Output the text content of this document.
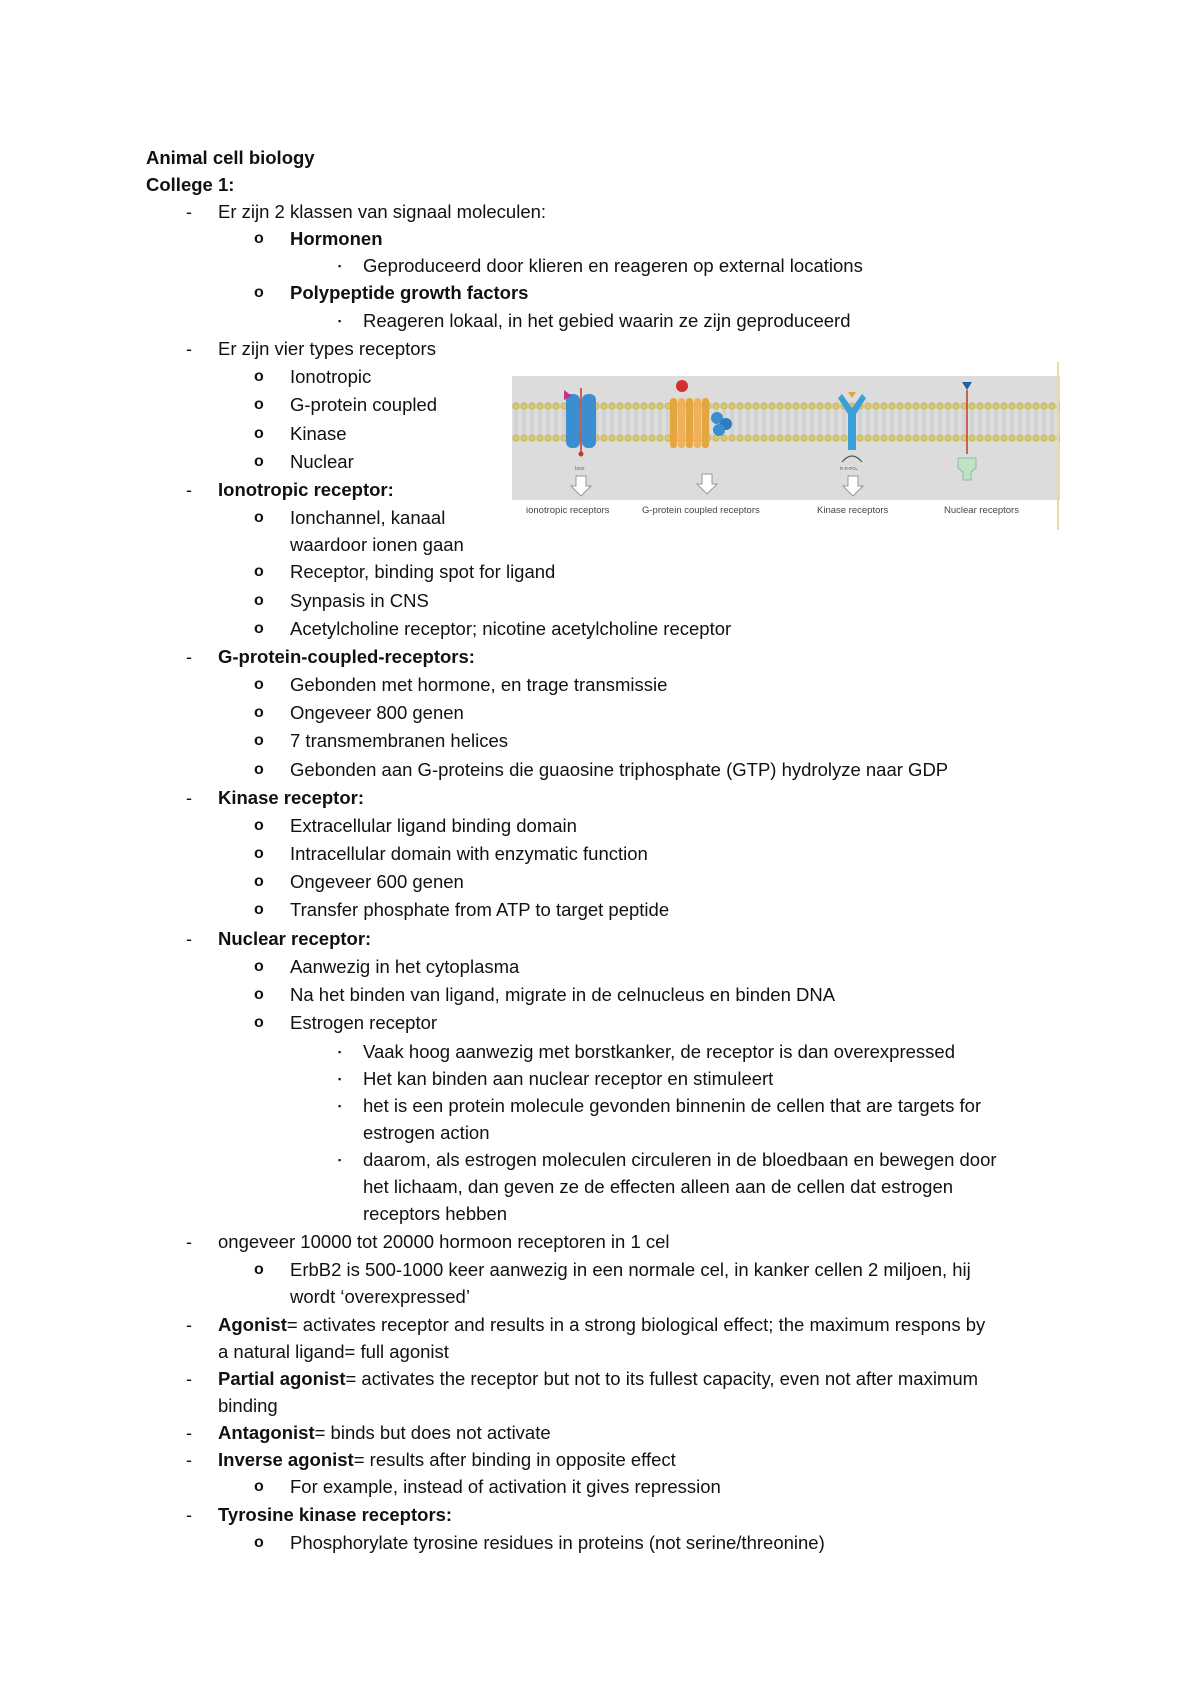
Animal cell biology
College 1:
- Er zijn 2 klassen van signaal moleculen:
o Hormonen
▪ Geproduceerd door klieren en reageren op external locations
o Polypeptide growth factors
▪ Reageren lokaal, in het gebied waarin ze zijn geproduceerd
- Er zijn vier types receptors
o Ionotropic
o G-protein coupled
o Kinase
o Nuclear
- Ionotropic receptor:
o Ionchannel, kanaal
waardoor ionen gaan
o Receptor, binding spot for ligand
o Synpasis in CNS
o Acetylcholine receptor; nicotine acetylcholine receptor
- G-protein-coupled-receptors:
o Gebonden met hormone, en trage transmissie
o Ongeveer 800 genen
o 7 transmembranen helices
o Gebonden aan G-proteins die guaosine triphosphate (GTP) hydrolyze naar GDP
- Kinase receptor:
o Extracellular ligand binding domain
o Intracellular domain with enzymatic function
o Ongeveer 600 genen
o Transfer phosphate from ATP to target peptide
- Nuclear receptor:
o Aanwezig in het cytoplasma
o Na het binden van ligand, migrate in de celnucleus en binden DNA
o Estrogen receptor
▪ Vaak hoog aanwezig met borstkanker, de receptor is dan overexpressed
▪ Het kan binden aan nuclear receptor en stimuleert
▪ het is een protein molecule gevonden binnenin de cellen that are targets for
estrogen action
▪ daarom, als estrogen moleculen circuleren in de bloedbaan en bewegen door
het lichaam, dan geven ze de effecten alleen aan de cellen dat estrogen
receptors hebben
- ongeveer 10000 tot 20000 hormoon receptoren in 1 cel
o ErbB2 is 500-1000 keer aanwezig in een normale cel, in kanker cellen 2 miljoen, hij
wordt ‘overexpressed’
- Agonist= activates receptor and results in a strong biological effect; the maximum respons by
a natural ligand= full agonist
- Partial agonist= activates the receptor but not to its fullest capacity, even not after maximum
binding
- Antagonist= binds but does not activate
- Inverse agonist= results after binding in opposite effect
o For example, instead of activation it gives repression
- Tyrosine kinase receptors:
o Phosphorylate tyrosine residues in proteins (not serine/threonine)
Ions	R R-PO₄
ionotropic receptors	G-protein coupled receptors	Kinase receptors	Nuclear receptors
